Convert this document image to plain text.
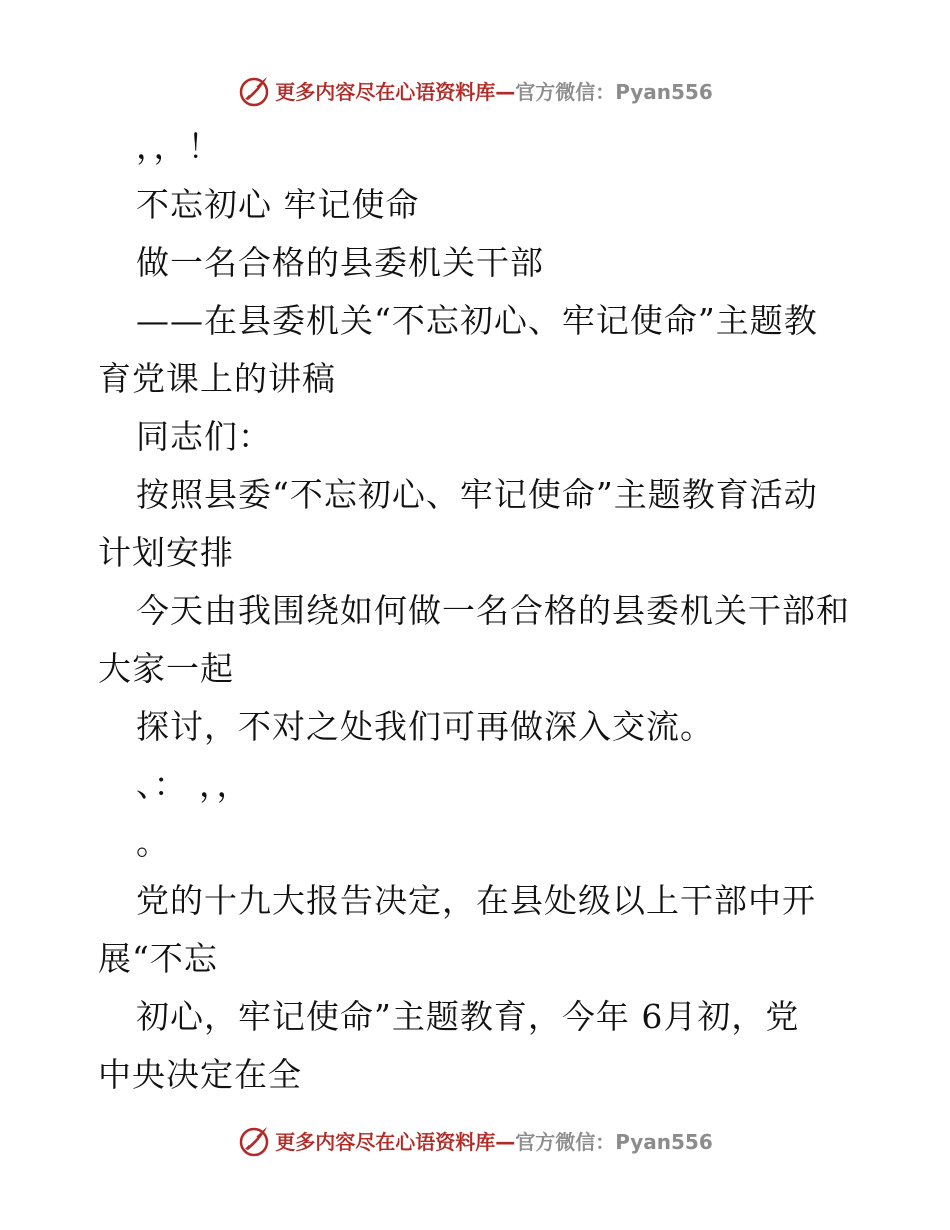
更多内容尽在心语资料库— 官方微信：Pyan556
，，！
不忘初心 牢记使命
做一名合格的县委机关干部
——在县委机关“不忘初心、牢记使命”主题教
育党课上的讲稿
同志们：
按照县委“不忘初心、牢记使命”主题教育活动
计划安排
今天由我围绕如何做一名合格的县委机关干部和
大家一起
探讨，不对之处我们可再做深入交流。
、： ，，
。
党的十九大报告决定，在县处级以上干部中开
展“不忘
初心，牢记使命”主题教育，今年 6月初，党
中央决定在全
更多内容尽在心语资料库— 官方微信：Pyan556
